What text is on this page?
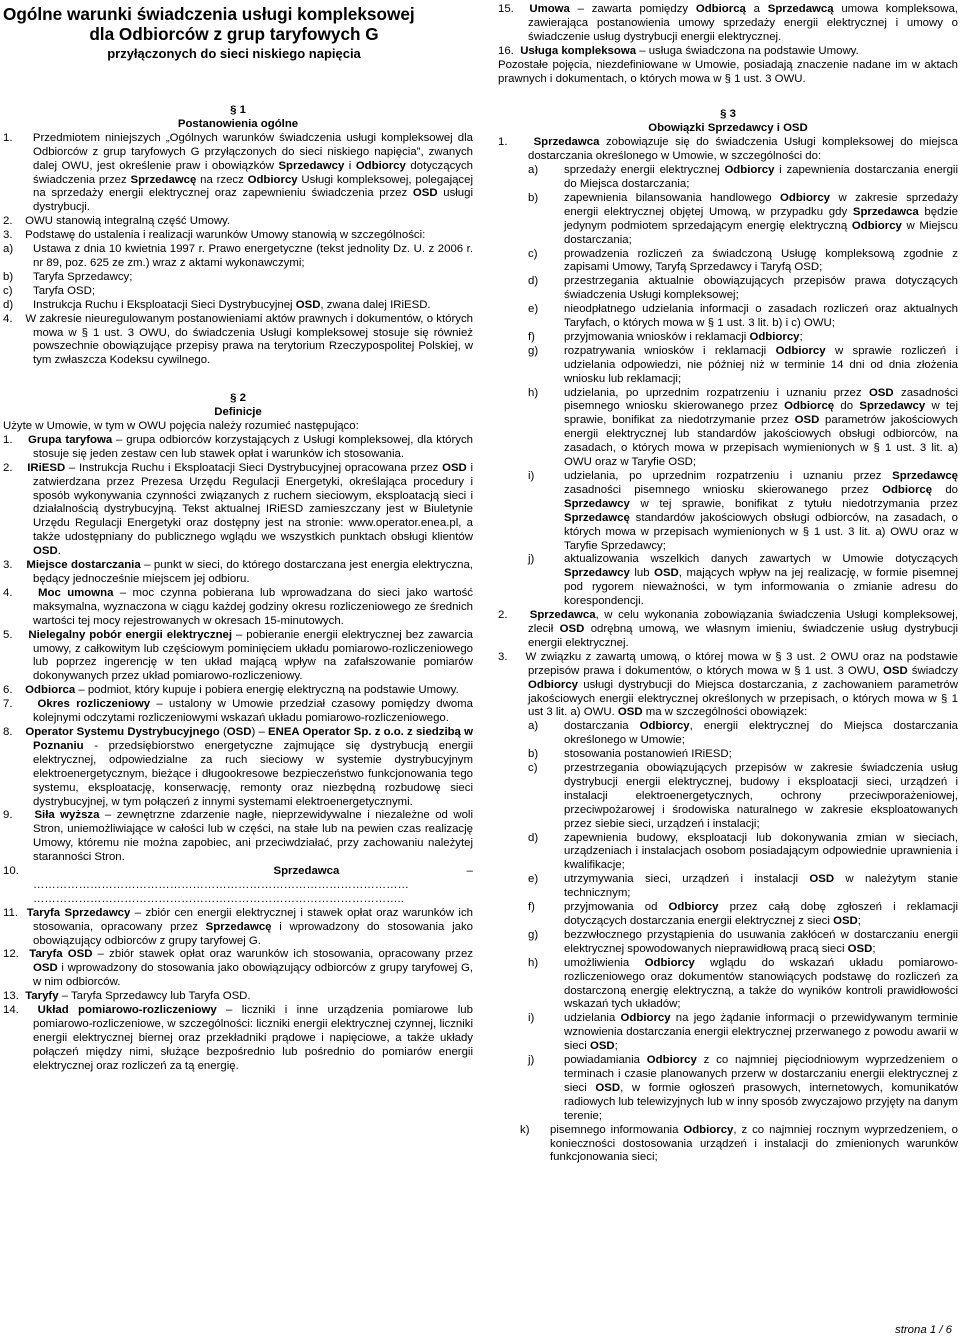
Ogólne warunki świadczenia usługi kompleksowej

dla Odbiorców z grup taryfowych G
przyłączonych do sieci niskiego napięcia

§ 1

Postanowienia ogólne

1. Przedmiotem niniejszych „Ogólnych warunków świadczenia usługi kompleksowej dla Odbiorców z grup taryfowych G przyłączonych do sieci niskiego napięcia”, zwanych dalej OWU, jest określenie praw i obowiązków Sprzedawcy i Odbiorcy dotyczących świadczenia przez Sprzedawcę na rzecz Odbiorcy Usługi kompleksowej, polegającej na sprzedaży energii elektrycznej oraz zapewnieniu świadczenia przez OSD usługi dystrybucji.

2. OWU stanowią integralną część Umowy.

3. Podstawę do ustalenia i realizacji warunków Umowy stanowią w szczególności:

a) Ustawa z dnia 10 kwietnia 1997 r. Prawo energetyczne (tekst jednolity Dz. U. z 2006 r. nr 89, poz. 625 ze zm.) wraz z aktami wykonawczymi;
b) Taryfa Sprzedawcy;
c) Taryfa OSD;
d) Instrukcja Ruchu i Eksploatacji Sieci Dystrybucyjnej OSD, zwana dalej IRiESD.

4. W zakresie nieuregulowanym postanowieniami aktów prawnych i dokumentów, o których mowa w § 1 ust. 3 OWU, do świadczenia Usługi kompleksowej stosuje się również powszechnie obowiązujące przepisy prawa na terytorium Rzeczypospolitej Polskiej, w tym zwłaszcza Kodeksu cywilnego.

§ 2

Definicje

Użyte w Umowie, w tym w OWU pojęcia należy rozumieć następująco:

1. Grupa taryfowa – grupa odbiorców korzystających z Usługi kompleksowej, dla których stosuje się jeden zestaw cen lub stawek opłat i warunków ich stosowania.

2. IRiESD – Instrukcja Ruchu i Eksploatacji Sieci Dystrybucyjnej opracowana przez OSD i zatwierdzana przez Prezesa Urzędu Regulacji Energetyki, określająca procedury i sposób wykonywania czynności związanych z ruchem sieciowym, eksploatacją sieci i działalnością dystrybucyjną. Tekst aktualnej IRiESD zamieszczany jest w Biuletynie Urzędu Regulacji Energetyki oraz dostępny jest na stronie: www.operator.enea.pl, a także udostępniany do publicznego wglądu we wszystkich punktach obsługi klientów OSD.

3. Miejsce dostarczania – punkt w sieci, do którego dostarczana jest energia elektryczna, będący jednocześnie miejscem jej odbioru.

4. Moc umowna – moc czynna pobierana lub wprowadzana do sieci jako wartość maksymalna, wyznaczona w ciągu każdej godziny okresu rozliczeniowego ze średnich wartości tej mocy rejestrowanych w okresach 15-minutowych.

5. Nielegalny pobór energii elektrycznej – pobieranie energii elektrycznej bez zawarcia umowy, z całkowitym lub częściowym pominięciem układu pomiarowo-rozliczeniowego lub poprzez ingerencję w ten układ mającą wpływ na zafałszowanie pomiarów dokonywanych przez układ pomiarowo-rozliczeniowy.

6. Odbiorca – podmiot, który kupuje i pobiera energię elektryczną na podstawie Umowy.

7. Okres rozliczeniowy – ustalony w Umowie przedział czasowy pomiędzy dwoma kolejnymi odczytami rozliczeniowymi wskazań układu pomiarowo-rozliczeniowego.

8. Operator Systemu Dystrybucyjnego (OSD) – ENEA Operator Sp. z o.o. z siedzibą w Poznaniu - przedsiębiorstwo energetyczne zajmujące się dystrybucją energii elektrycznej, odpowiedzialne za ruch sieciowy w systemie dystrybucyjnym elektroenergetycznym, bieżące i długookresowe bezpieczeństwo funkcjonowania tego systemu, eksploatację, konserwację, remonty oraz niezbędną rozbudowę sieci dystrybucyjnej, w tym połączeń z innymi systemami elektroenergetycznymi.

9. Siła wyższa – zewnętrzne zdarzenie nagłe, nieprzewidywalne i niezależne od woli Stron, uniemożliwiające w całości lub w części, na stałe lub na pewien czas realizację Umowy, któremu nie można zapobiec, ani przeciwdziałać, przy zachowaniu należytej staranności Stron.

10.	Sprzedawca – ……………………………………………………………………………………… ……………………………………………………………………………………..

11. Taryfa Sprzedawcy – zbiór cen energii elektrycznej i stawek opłat oraz warunków ich stosowania, opracowany przez Sprzedawcę i wprowadzony do stosowania jako obowiązujący odbiorców z grupy taryfowej G.

12. Taryfa OSD – zbiór stawek opłat oraz warunków ich stosowania, opracowany przez OSD i wprowadzony do stosowania jako obowiązujący odbiorców z grupy taryfowej G, w nim odbiorców.

13. Taryfy – Taryfa Sprzedawcy lub Taryfa OSD.

14. Układ pomiarowo-rozliczeniowy – liczniki i inne urządzenia pomiarowe lub pomiarowo-rozliczeniowe, w szczególności: liczniki energii elektrycznej czynnej, liczniki energii elektrycznej biernej oraz przekładniki prądowe i napięciowe, a także układy połączeń między nimi, służące bezpośrednio lub pośrednio do pomiarów energii elektrycznej oraz rozliczeń za tą energię.

15. Umowa – zawarta pomiędzy Odbiorcą a Sprzedawcą umowa kompleksowa, zawierająca postanowienia umowy sprzedaży energii elektrycznej i umowy o świadczenie usług dystrybucji energii elektrycznej.

16. Usługa kompleksowa – usługa świadczona na podstawie Umowy.

Pozostałe pojęcia, niezdefiniowane w Umowie, posiadają znaczenie nadane im w aktach prawnych i dokumentach, o których mowa w § 1 ust. 3 OWU.

§ 3

Obowiązki Sprzedawcy i OSD

1. Sprzedawca zobowiązuje się do świadczenia Usługi kompleksowej do miejsca dostarczania określonego w Umowie, w szczególności do:

a) sprzedaży energii elektrycznej Odbiorcy i zapewnienia dostarczania energii do Miejsca dostarczania;
b) zapewnienia bilansowania handlowego Odbiorcy w zakresie sprzedaży energii elektrycznej objętej Umową, w przypadku gdy Sprzedawca będzie jedynym podmiotem sprzedającym energię elektryczną Odbiorcy w Miejscu dostarczania;
c) prowadzenia rozliczeń za świadczoną Usługę kompleksową zgodnie z zapisami Umowy, Taryfą Sprzedawcy i Taryfą OSD;
d) przestrzegania aktualnie obowiązujących przepisów prawa dotyczących świadczenia Usługi kompleksowej;
e) nieodpłatnego udzielania informacji o zasadach rozliczeń oraz aktualnych Taryfach, o których mowa w § 1 ust. 3 lit. b) i c) OWU;
f)	przyjmowania wniosków i reklamacji Odbiorcy;
g) rozpatrywania wniosków i reklamacji Odbiorcy w sprawie rozliczeń i udzielania odpowiedzi, nie później niż w terminie 14 dni od dnia złożenia wniosku lub reklamacji;
h) udzielania, po uprzednim rozpatrzeniu i uznaniu przez OSD zasadności pisemnego wniosku skierowanego przez Odbiorcę do Sprzedawcy w tej sprawie, bonifikat za niedotrzymanie przez OSD parametrów jakościowych energii elektrycznej lub standardów jakościowych obsługi odbiorców, na zasadach, o których mowa w przepisach wymienionych w § 1 ust. 3 lit. a) OWU oraz w Taryfie OSD;
i)	udzielania, po uprzednim rozpatrzeniu i uznaniu przez Sprzedawcę zasadności pisemnego wniosku skierowanego przez Odbiorcę do Sprzedawcy w tej sprawie, bonifikat z tytułu niedotrzymania przez Sprzedawcę standardów jakościowych obsługi odbiorców, na zasadach, o których mowa w przepisach wymienionych w § 1 ust. 3 lit. a) OWU oraz w Taryfie Sprzedawcy;
j)	aktualizowania wszelkich danych zawartych w Umowie dotyczących Sprzedawcy lub OSD, mających wpływ na jej realizację, w formie pisemnej pod rygorem nieważności, w tym informowania o zmianie adresu do korespondencji.

2. Sprzedawca, w celu wykonania zobowiązania świadczenia Usługi kompleksowej, zlecił OSD odrębną umową, we własnym imieniu, świadczenie usług dystrybucji energii elektrycznej.

3. W związku z zawartą umową, o której mowa w § 3 ust. 2 OWU oraz na podstawie przepisów prawa i dokumentów, o których mowa w § 1 ust. 3 OWU, OSD świadczy Odbiorcy usługi dystrybucji do Miejsca dostarczania, z zachowaniem parametrów jakościowych energii elektrycznej określonych w przepisach, o których mowa w § 1 ust 3 lit. a) OWU. OSD ma w szczególności obowiązek:

a) dostarczania Odbiorcy, energii elektrycznej do Miejsca dostarczania określonego w Umowie;
b) stosowania postanowień IRiESD;
c) przestrzegania obowiązujących przepisów w zakresie świadczenia usług dystrybucji energii elektrycznej, budowy i eksploatacji sieci, urządzeń i instalacji elektroenergetycznych, ochrony przeciwporażeniowej, przeciwpożarowej i środowiska naturalnego w zakresie eksploatowanych przez siebie sieci, urządzeń i instalacji;
d) zapewnienia budowy, eksploatacji lub dokonywania zmian w sieciach, urządzeniach i instalacjach osobom posiadającym odpowiednie uprawnienia i kwalifikacje;
e) utrzymywania sieci, urządzeń i instalacji OSD w należytym stanie technicznym;
f)	przyjmowania od Odbiorcy przez całą dobę zgłoszeń i reklamacji dotyczących dostarczania energii elektrycznej z sieci OSD;
g) bezzwłocznego przystąpienia do usuwania zakłóceń w dostarczaniu energii elektrycznej spowodowanych nieprawidłową pracą sieci OSD;
h) umożliwienia Odbiorcy wglądu do wskazań układu pomiarowo-rozliczeniowego oraz dokumentów stanowiących podstawę do rozliczeń za dostarczoną energię elektryczną, a także do wyników kontroli prawidłowości wskazań tych układów;
i)	udzielania Odbiorcy na jego żądanie informacji o przewidywanym terminie wznowienia dostarczania energii elektrycznej przerwanego z powodu awarii w sieci OSD;
j)	powiadamiania Odbiorcy z co najmniej pięciodniowym wyprzedzeniem o terminach i czasie planowanych przerw w dostarczaniu energii elektrycznej z sieci OSD, w formie ogłoszeń prasowych, internetowych, komunikatów radiowych lub telewizyjnych lub w inny sposób zwyczajowo przyjęty na danym terenie;
k) pisemnego informowania Odbiorcy, z co najmniej rocznym wyprzedzeniem, o konieczności dostosowania urządzeń i instalacji do zmienionych warunków funkcjonowania sieci;
strona 1 / 6
